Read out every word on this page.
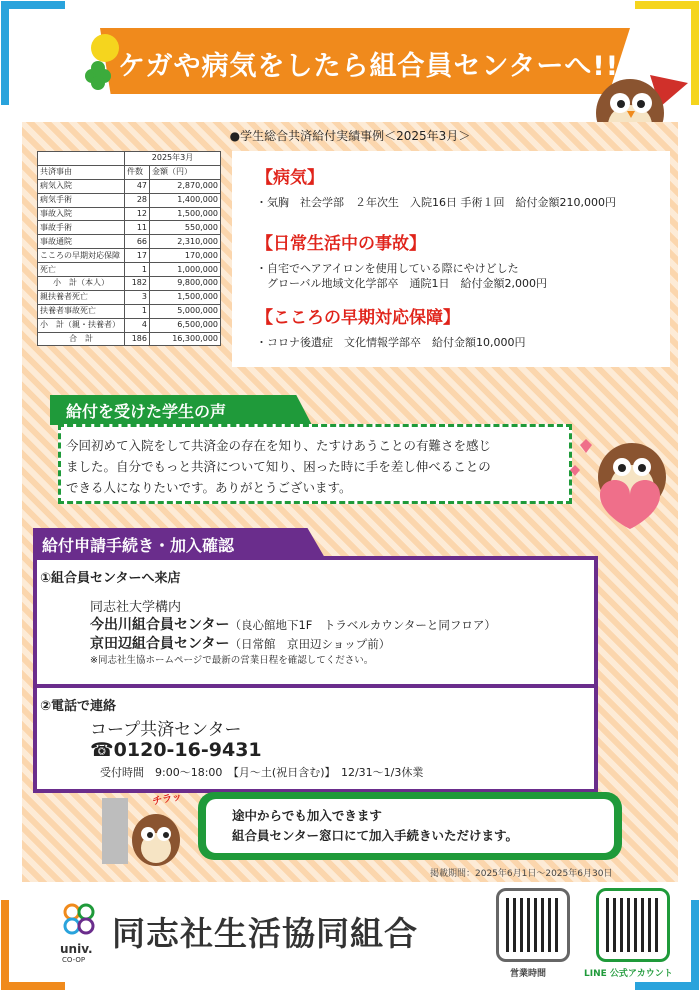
ケガや病気をしたら組合員センターへ!!
●学生総合共済給付実績事例＜2025年3月＞
	2025年3月	
共済事由	件数	金額（円）
病気入院	47	2,870,000
病気手術	28	1,400,000
事故入院	12	1,500,000
事故手術	11	550,000
事故通院	66	2,310,000
こころの早期対応保障	17	170,000
死亡	1	1,000,000
小　計（本人）	182	9,800,000
親扶養者死亡	3	1,500,000
扶養者事故死亡	1	5,000,000
小　計（親・扶養者）	4	6,500,000
合　計	186	16,300,000
【病気】
・気胸　社会学部　２年次生　入院16日 手術１回　給付金額210,000円
【日常生活中の事故】
・自宅でヘアアイロンを使用している際にやけどした
　グローバル地域文化学部卒　通院1日　給付金額2,000円
【こころの早期対応保障】
・コロナ後遺症　文化情報学部卒　給付金額10,000円
給付を受けた学生の声
今回初めて入院をして共済金の存在を知り、たすけあうことの有難さを感じ
ました。自分でもっと共済について知り、困った時に手を差し伸べることの
できる人になりたいです。ありがとうございます。
給付申請手続き・加入確認
①組合員センターへ来店
同志社大学構内
今出川組合員センター（良心館地下1F　トラベルカウンターと同フロア）
京田辺組合員センター（日常館　京田辺ショップ前）
※同志社生協ホームページで最新の営業日程を確認してください。
②電話で連絡
コープ共済センター
☎0120-16-9431
受付時間　9:00～18:00　【月～土(祝日含む)】　12/31～1/3休業
チラッ
途中からでも加入できます
組合員センター窓口にて加入手続きいただけます。
掲載期間：2025年6月1日～2025年6月30日
univ.
CO-OP
同志社生活協同組合
営業時間	LINE 公式アカウント
